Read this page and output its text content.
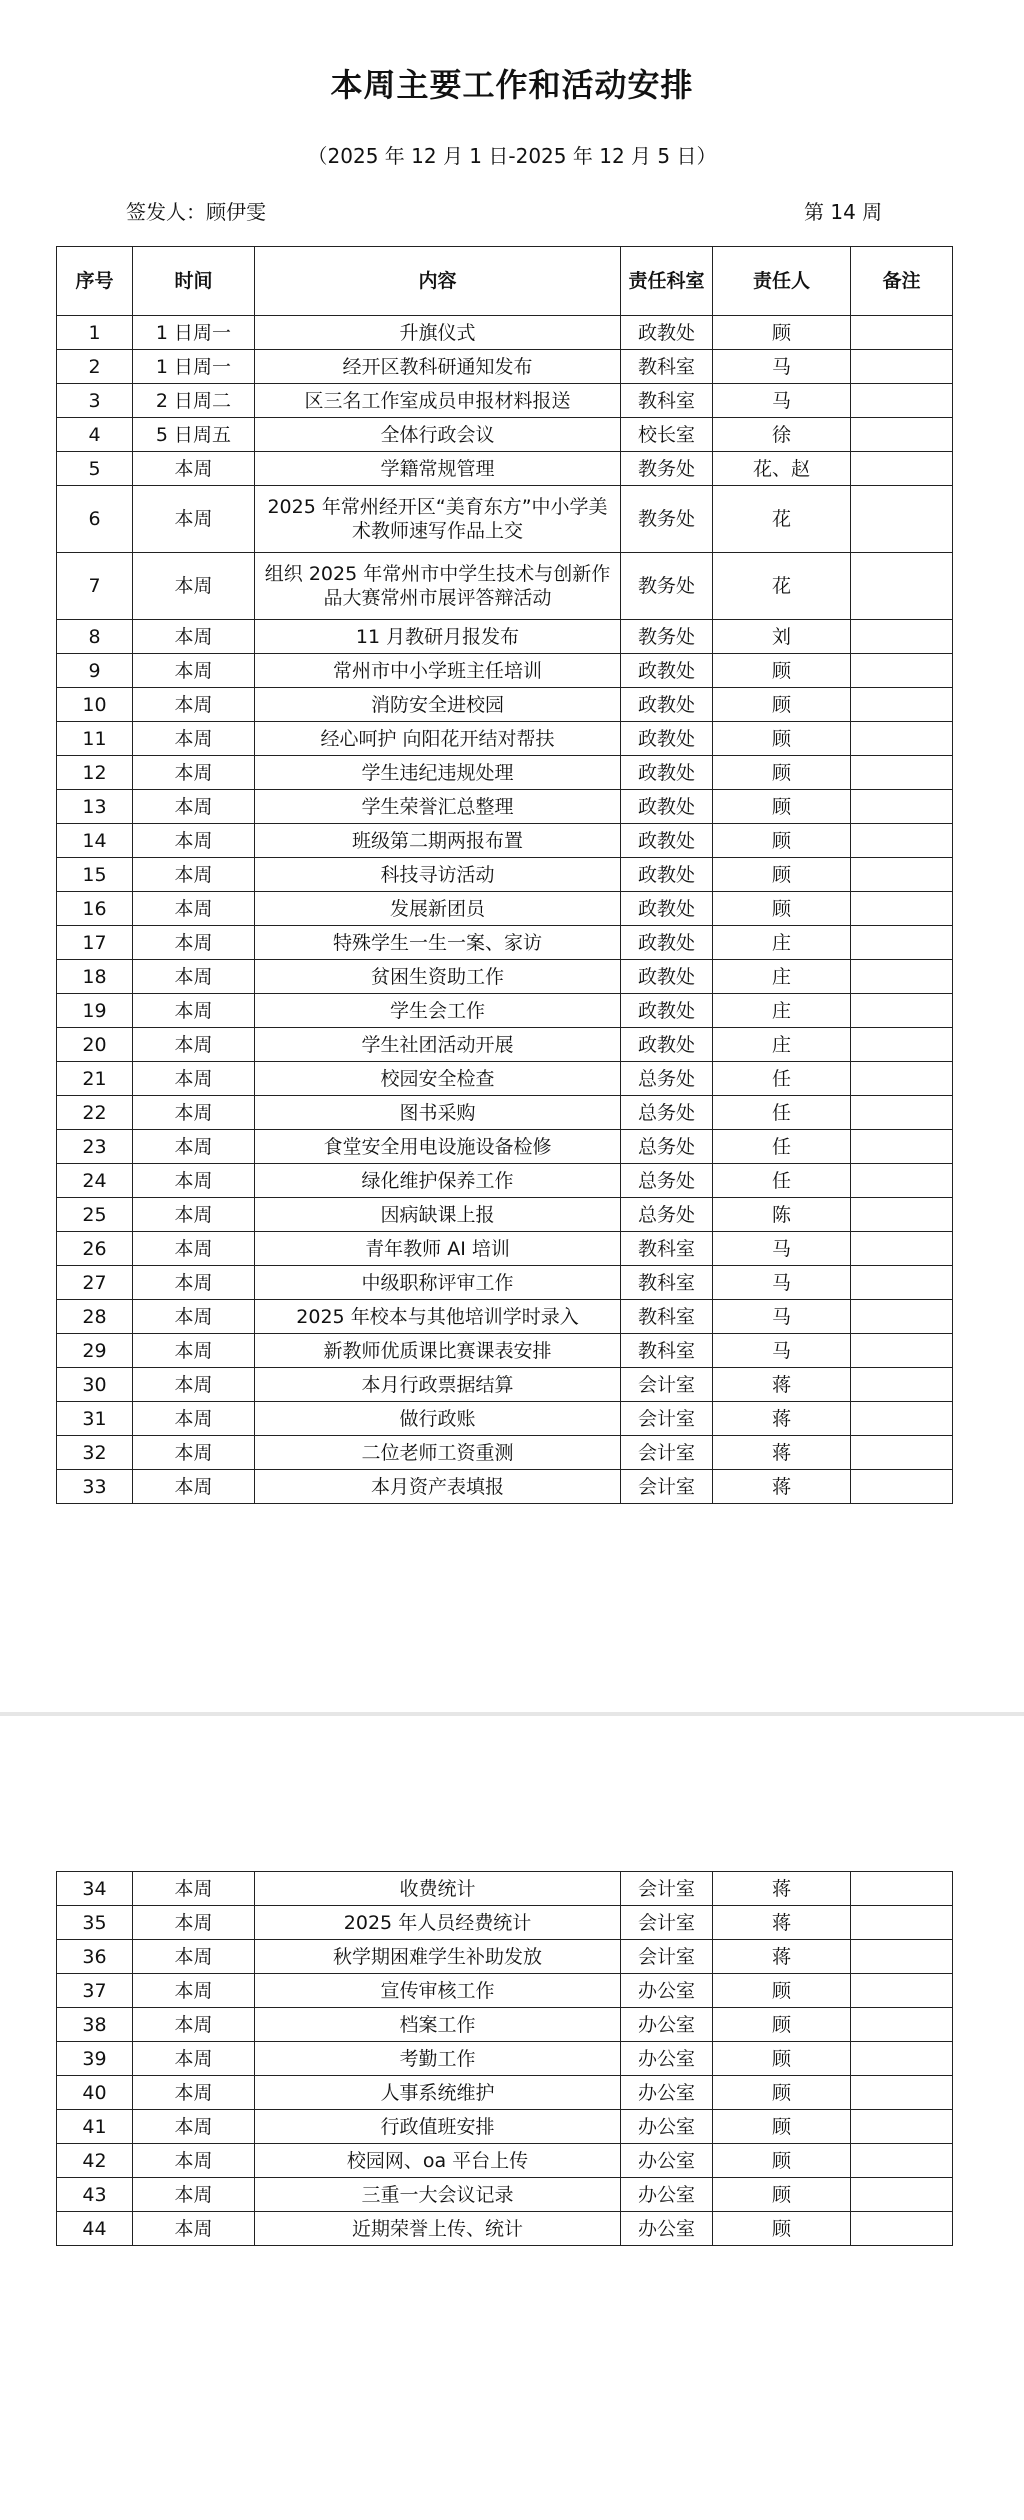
本周主要工作和活动安排
（2025 年 12 月 1 日-2025 年 12 月 5 日）
签发人：顾伊雯	第 14 周
序号	时间	内容	责任科室	责任人	备注
1	1 日周一	升旗仪式	政教处	顾	
2	1 日周一	经开区教科研通知发布	教科室	马	
3	2 日周二	区三名工作室成员申报材料报送	教科室	马	
4	5 日周五	全体行政会议	校长室	徐	
5	本周	学籍常规管理	教务处	花、赵	
6	本周	2025 年常州经开区“美育东方”中小学美术教师速写作品上交	教务处	花	
7	本周	组织 2025 年常州市中学生技术与创新作品大赛常州市展评答辩活动	教务处	花	
8	本周	11 月教研月报发布	教务处	刘	
9	本周	常州市中小学班主任培训	政教处	顾	
10	本周	消防安全进校园	政教处	顾	
11	本周	经心呵护 向阳花开结对帮扶	政教处	顾	
12	本周	学生违纪违规处理	政教处	顾	
13	本周	学生荣誉汇总整理	政教处	顾	
14	本周	班级第二期两报布置	政教处	顾	
15	本周	科技寻访活动	政教处	顾	
16	本周	发展新团员	政教处	顾	
17	本周	特殊学生一生一案、家访	政教处	庄	
18	本周	贫困生资助工作	政教处	庄	
19	本周	学生会工作	政教处	庄	
20	本周	学生社团活动开展	政教处	庄	
21	本周	校园安全检查	总务处	任	
22	本周	图书采购	总务处	任	
23	本周	食堂安全用电设施设备检修	总务处	任	
24	本周	绿化维护保养工作	总务处	任	
25	本周	因病缺课上报	总务处	陈	
26	本周	青年教师 AI 培训	教科室	马	
27	本周	中级职称评审工作	教科室	马	
28	本周	2025 年校本与其他培训学时录入	教科室	马	
29	本周	新教师优质课比赛课表安排	教科室	马	
30	本周	本月行政票据结算	会计室	蒋	
31	本周	做行政账	会计室	蒋	
32	本周	二位老师工资重测	会计室	蒋	
33	本周	本月资产表填报	会计室	蒋	
34	本周	收费统计	会计室	蒋	
35	本周	2025 年人员经费统计	会计室	蒋	
36	本周	秋学期困难学生补助发放	会计室	蒋	
37	本周	宣传审核工作	办公室	顾	
38	本周	档案工作	办公室	顾	
39	本周	考勤工作	办公室	顾	
40	本周	人事系统维护	办公室	顾	
41	本周	行政值班安排	办公室	顾	
42	本周	校园网、oa 平台上传	办公室	顾	
43	本周	三重一大会议记录	办公室	顾	
44	本周	近期荣誉上传、统计	办公室	顾	
